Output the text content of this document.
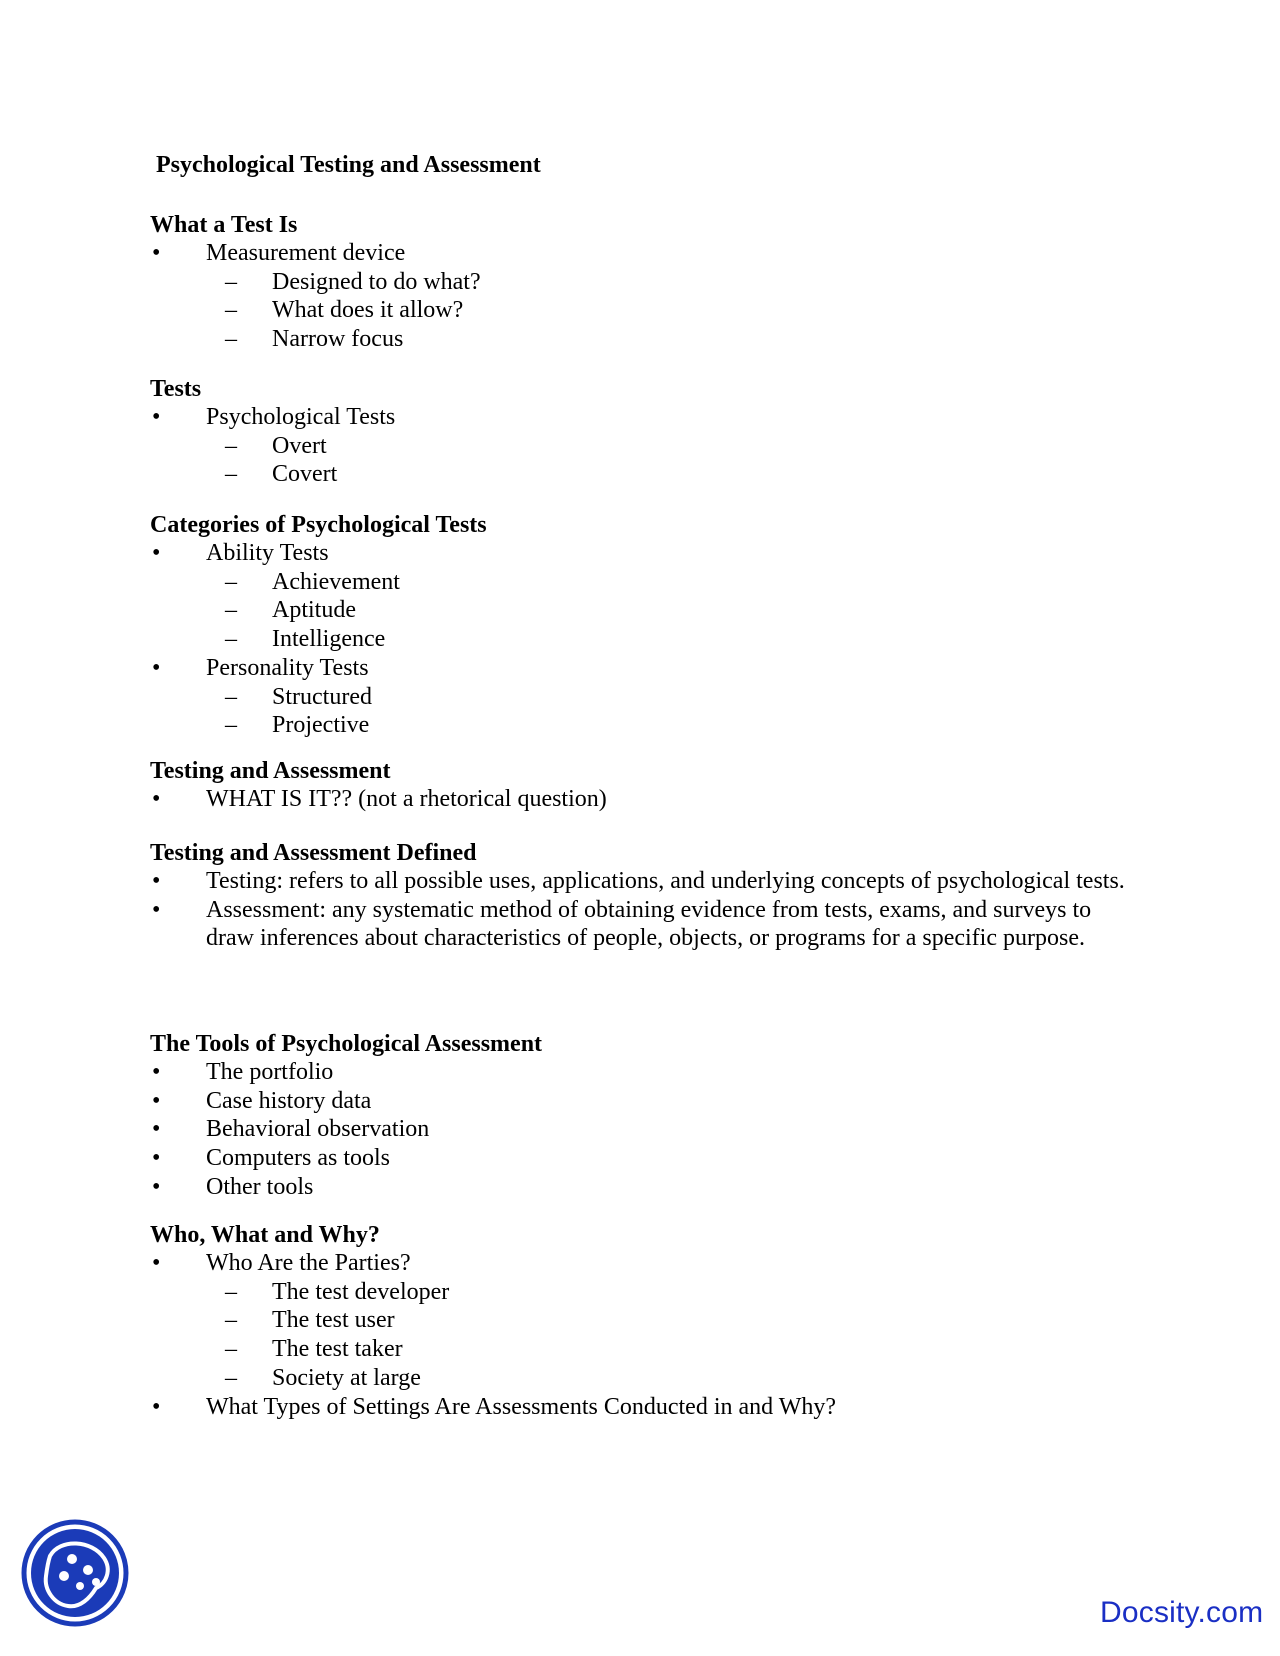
Psychological Testing and Assessment
What a Test Is
• Measurement device
– Designed to do what?
– What does it allow?
– Narrow focus
Tests
• Psychological Tests
– Overt
– Covert
Categories of Psychological Tests
• Ability Tests
– Achievement
– Aptitude
– Intelligence
• Personality Tests
– Structured
– Projective
Testing and Assessment
• WHAT IS IT?? (not a rhetorical question)
Testing and Assessment Defined
• Testing: refers to all possible uses, applications, and underlying concepts of psychological tests.
• Assessment: any systematic method of obtaining evidence from tests, exams, and surveys to draw inferences about characteristics of people, objects, or programs for a specific purpose.
The Tools of Psychological Assessment
• The portfolio
• Case history data
• Behavioral observation
• Computers as tools
• Other tools
Who, What and Why?
• Who Are the Parties?
– The test developer
– The test user
– The test taker
– Society at large
• What Types of Settings Are Assessments Conducted in and Why?
Docsity.com
